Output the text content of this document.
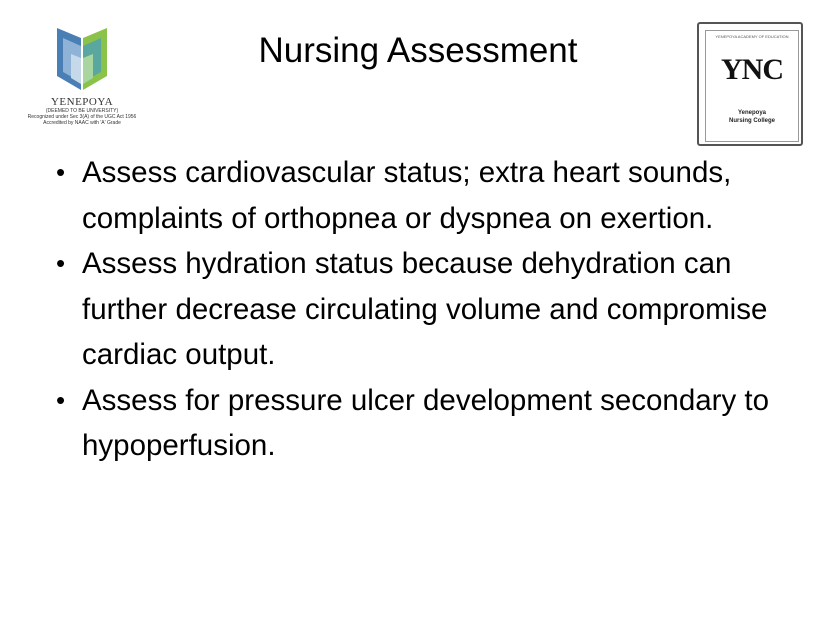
YENEPOYA
(DEEMED TO BE UNIVERSITY)
Recognized under Sec 3(A) of the UGC Act 1956
Accredited by NAAC with 'A' Grade
Nursing Assessment	YENEPOYA ACADEMY OF EDUCATION
YNC
Yenepoya
Nursing College
• Assess cardiovascular status; extra heart sounds, complaints of orthopnea or dyspnea on exertion.
• Assess hydration status because dehydration can further decrease circulating volume and compromise cardiac output.
• Assess for pressure ulcer development secondary to hypoperfusion.
